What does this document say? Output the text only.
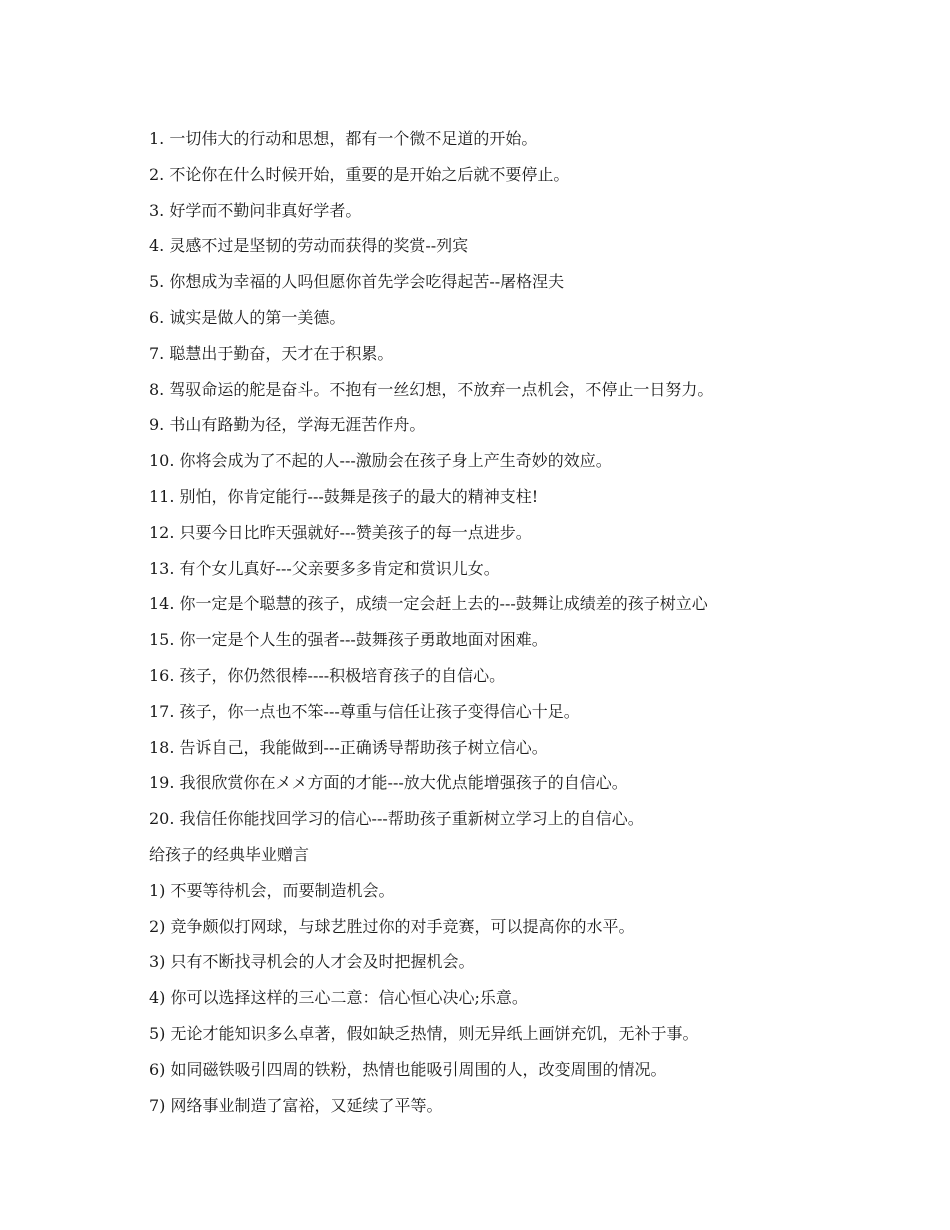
1. 一切伟大的行动和思想，都有一个微不足道的开始。
2. 不论你在什么时候开始，重要的是开始之后就不要停止。
3. 好学而不勤问非真好学者。
4. 灵感不过是坚韧的劳动而获得的奖赏--列宾
5. 你想成为幸福的人吗但愿你首先学会吃得起苦--屠格涅夫
6. 诚实是做人的第一美德。
7. 聪慧出于勤奋，天才在于积累。
8. 驾驭命运的舵是奋斗。不抱有一丝幻想，不放弃一点机会，不停止一日努力。
9. 书山有路勤为径，学海无涯苦作舟。
10. 你将会成为了不起的人---激励会在孩子身上产生奇妙的效应。
11. 别怕，你肯定能行---鼓舞是孩子的最大的精神支柱!
12. 只要今日比昨天强就好---赞美孩子的每一点进步。
13. 有个女儿真好---父亲要多多肯定和赏识儿女。
14. 你一定是个聪慧的孩子，成绩一定会赶上去的---鼓舞让成绩差的孩子树立心
15. 你一定是个人生的强者---鼓舞孩子勇敢地面对困难。
16. 孩子，你仍然很棒----积极培育孩子的自信心。
17. 孩子，你一点也不笨---尊重与信任让孩子变得信心十足。
18. 告诉自己，我能做到---正确诱导帮助孩子树立信心。
19. 我很欣赏你在メメ方面的才能---放大优点能增强孩子的自信心。
20. 我信任你能找回学习的信心---帮助孩子重新树立学习上的自信心。
给孩子的经典毕业赠言
1) 不要等待机会，而要制造机会。
2) 竞争颇似打网球，与球艺胜过你的对手竞赛，可以提高你的水平。
3) 只有不断找寻机会的人才会及时把握机会。
4) 你可以选择这样的三心二意：信心恒心决心;乐意。
5) 无论才能知识多么卓著，假如缺乏热情，则无异纸上画饼充饥，无补于事。
6) 如同磁铁吸引四周的铁粉，热情也能吸引周围的人，改变周围的情况。
7) 网络事业制造了富裕，又延续了平等。
